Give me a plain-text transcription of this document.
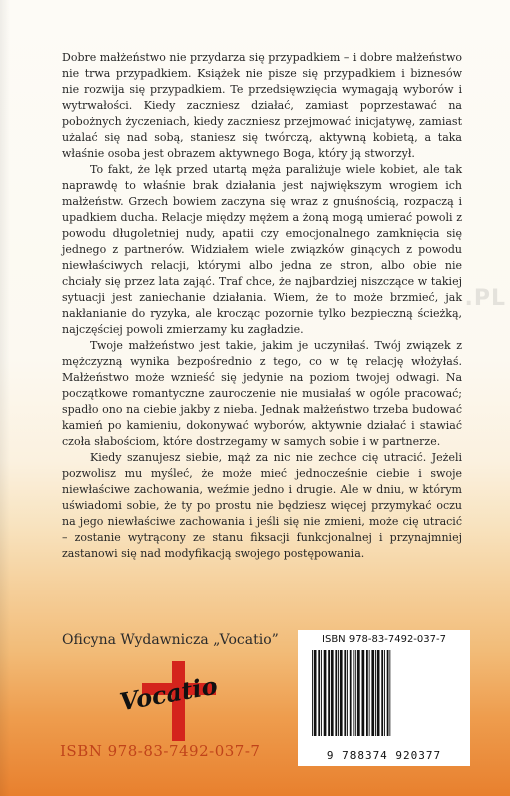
.PL

Dobre małżeństwo nie przydarza się przypadkiem – i dobre małżeństwo nie trwa przypadkiem. Książek nie pisze się przypadkiem i biznesów nie rozwija się przypadkiem. Te przedsięwzięcia wymagają wyborów i wytrwałości. Kiedy zaczniesz działać, zamiast poprzestawać na pobożnych życzeniach, kiedy zaczniesz przejmować inicjatywę, zamiast użalać się nad sobą, staniesz się twórczą, aktywną kobietą, a taka właśnie osoba jest obrazem aktywnego Boga, który ją stworzył.

To fakt, że lęk przed utartą męża paraliżuje wiele kobiet, ale tak naprawdę to właśnie brak działania jest największym wrogiem ich małżeństw. Grzech bowiem zaczyna się wraz z gnuśnością, rozpaczą i upadkiem ducha. Relacje między mężem a żoną mogą umierać powoli z powodu długoletniej nudy, apatii czy emocjonalnego zamknięcia się jednego z partnerów. Widziałem wiele związków ginących z powodu niewłaściwych relacji, którymi albo jedna ze stron, albo obie nie chciały się przez lata zająć. Traf chce, że najbardziej niszczące w takiej sytuacji jest zaniechanie działania. Wiem, że to może brzmieć, jak nakłanianie do ryzyka, ale krocząc pozornie tylko bezpieczną ścieżką, najczęściej powoli zmierzamy ku zagładzie.

Twoje małżeństwo jest takie, jakim je uczyniłaś. Twój związek z mężczyzną wynika bezpośrednio z tego, co w tę relację włożyłaś. Małżeństwo może wznieść się jedynie na poziom twojej odwagi. Na początkowe romantyczne zauroczenie nie musiałaś w ogóle pracować; spadło ono na ciebie jakby z nieba. Jednak małżeństwo trzeba budować kamień po kamieniu, dokonywać wyborów, aktywnie działać i stawiać czoła słabościom, które dostrzegamy w samych sobie i w partnerze.

Kiedy szanujesz siebie, mąż za nic nie zechce cię utracić. Jeżeli pozwolisz mu myśleć, że może mieć jednocześnie ciebie i swoje niewłaściwe zachowania, weźmie jedno i drugie. Ale w dniu, w którym uświadomi sobie, że ty po prostu nie będziesz więcej przymykać oczu na jego niewłaściwe zachowania i jeśli się nie zmieni, może cię utracić – zostanie wytrącony ze stanu fiksacji funkcjonalnej i przynajmniej zastanowi się nad modyfikacją swojego postępowania.

Oficyna Wydawnicza „Vocatio”
Vocatio
ISBN 978-83-7492-037-7
ISBN 978-83-7492-037-7
9 788374 920377
